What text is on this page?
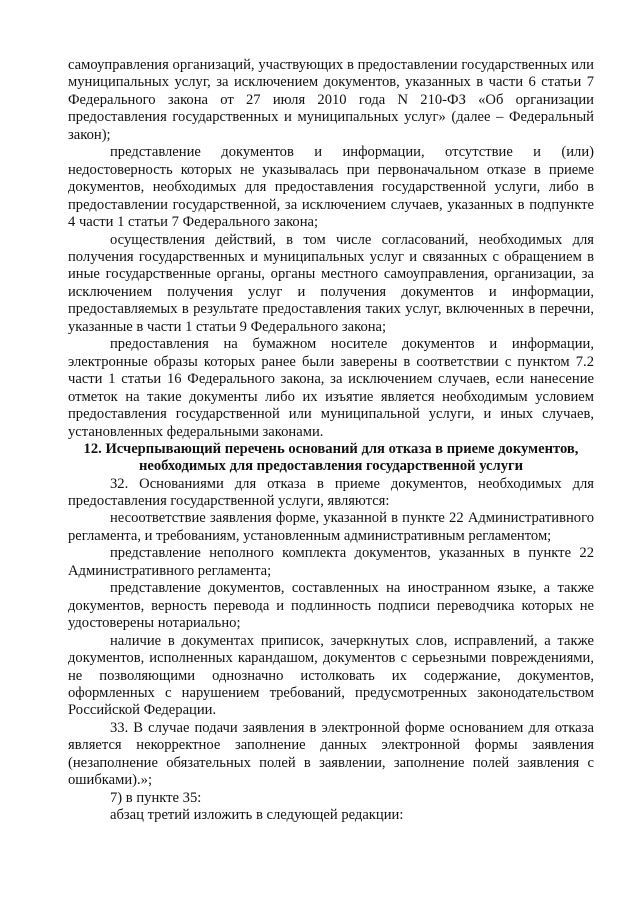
самоуправления организаций, участвующих в предоставлении государственных или муниципальных услуг, за исключением документов, указанных в части 6 статьи 7 Федерального закона от 27 июля 2010 года N 210-ФЗ «Об организации предоставления государственных и муниципальных услуг» (далее – Федеральный закон);

представление документов и информации, отсутствие и (или) недостоверность которых не указывалась при первоначальном отказе в приеме документов, необходимых для предоставления государственной услуги, либо в предоставлении государственной, за исключением случаев, указанных в подпункте 4 части 1 статьи 7 Федерального закона;

осуществления действий, в том числе согласований, необходимых для получения государственных и муниципальных услуг и связанных с обращением в иные государственные органы, органы местного самоуправления, организации, за исключением получения услуг и получения документов и информации, предоставляемых в результате предоставления таких услуг, включенных в перечни, указанные в части 1 статьи 9 Федерального закона;

предоставления на бумажном носителе документов и информации, электронные образы которых ранее были заверены в соответствии с пунктом 7.2 части 1 статьи 16 Федерального закона, за исключением случаев, если нанесение отметок на такие документы либо их изъятие является необходимым условием предоставления государственной или муниципальной услуги, и иных случаев, установленных федеральными законами.

12. Исчерпывающий перечень оснований для отказа в приеме документов, необходимых для предоставления государственной услуги

32. Основаниями для отказа в приеме документов, необходимых для предоставления государственной услуги, являются:

несоответствие заявления форме, указанной в пункте 22 Административного регламента, и требованиям, установленным административным регламентом;

представление неполного комплекта документов, указанных в пункте 22 Административного регламента;

представление документов, составленных на иностранном языке, а также документов, верность перевода и подлинность подписи переводчика которых не удостоверены нотариально;

наличие в документах приписок, зачеркнутых слов, исправлений, а также документов, исполненных карандашом, документов с серьезными повреждениями, не позволяющими однозначно истолковать их содержание, документов, оформленных с нарушением требований, предусмотренных законодательством Российской Федерации.

33. В случае подачи заявления в электронной форме основанием для отказа является некорректное заполнение данных электронной формы заявления (незаполнение обязательных полей в заявлении, заполнение полей заявления с ошибками).»;

7) в пункте 35:

абзац третий изложить в следующей редакции:
